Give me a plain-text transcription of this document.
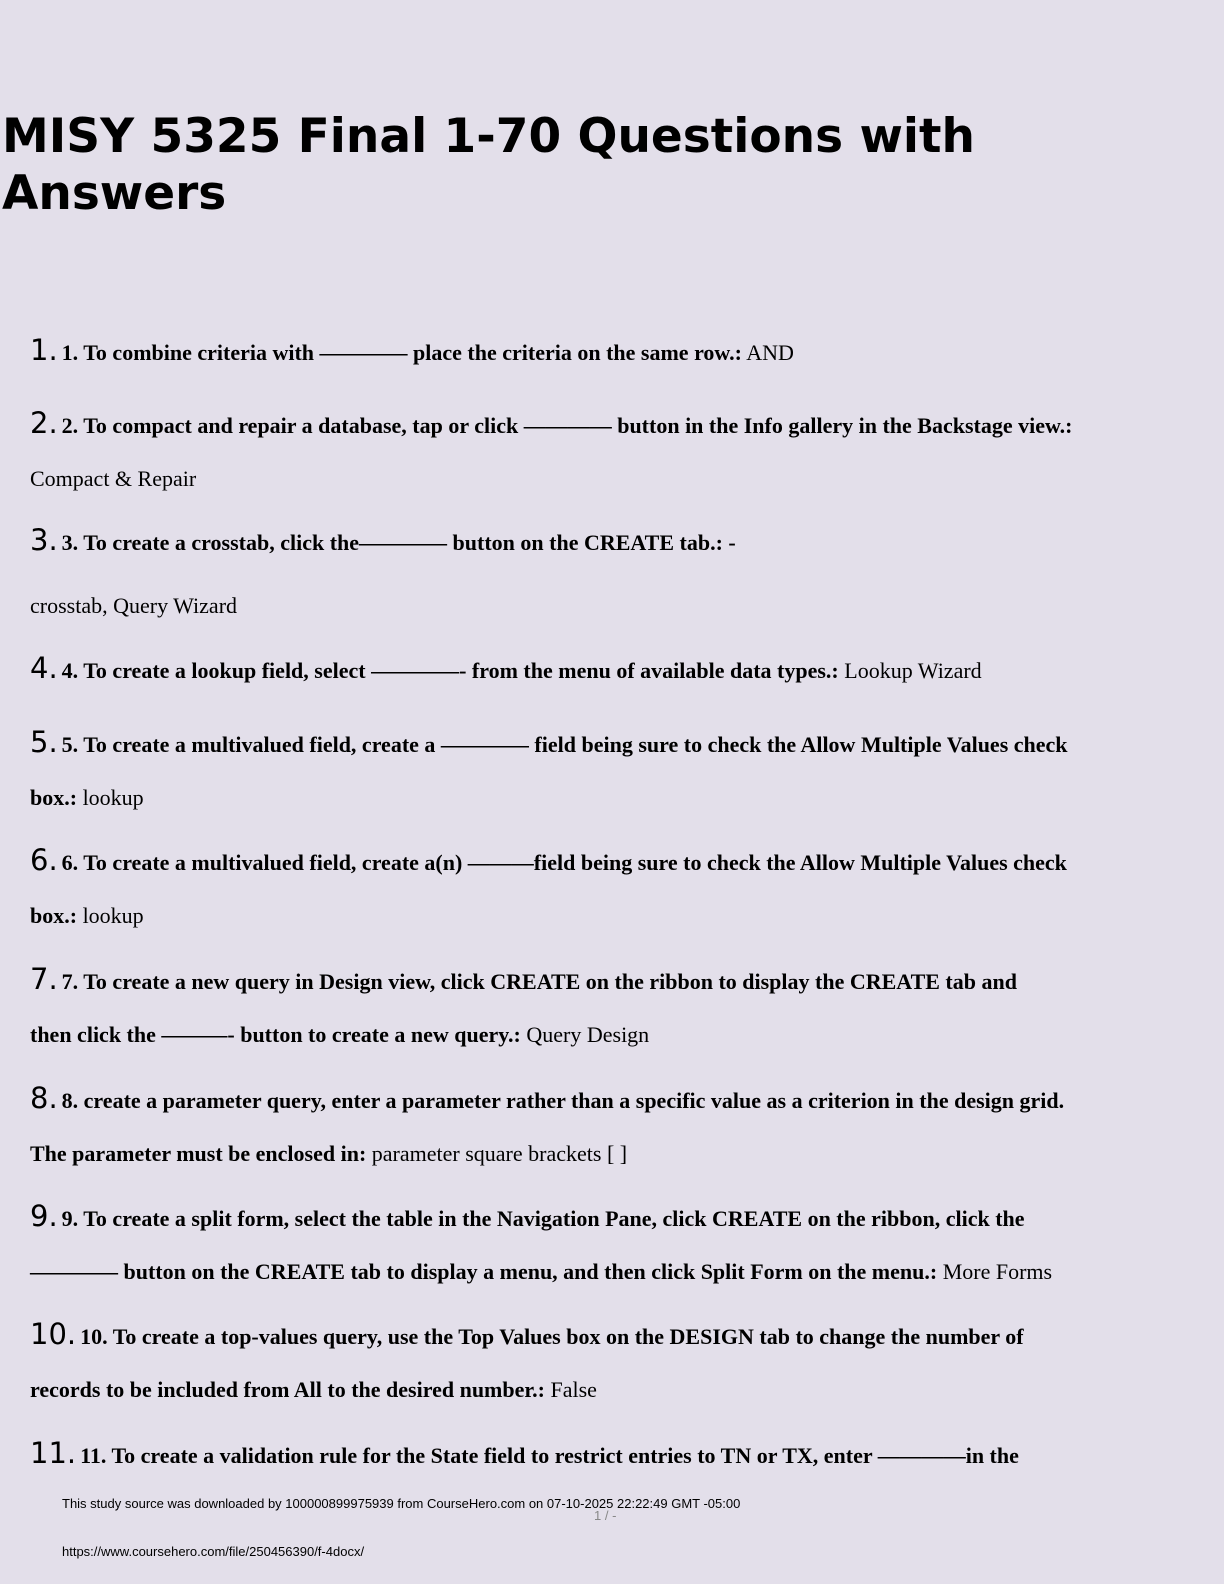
MISY 5325 Final 1-70 Questions with Answers
1. 1. To combine criteria with ———— place the criteria on the same row.: AND
2. 2. To compact and repair a database, tap or click ———— button in the Info gallery in the Backstage view.:
Compact & Repair
3. 3. To create a crosstab, click the———— button on the CREATE tab.: -
crosstab, Query Wizard
4. 4. To create a lookup field, select ————- from the menu of available data types.: Lookup Wizard
5. 5. To create a multivalued field, create a ———— field being sure to check the Allow Multiple Values check
box.: lookup
6. 6. To create a multivalued field, create a(n) ———field being sure to check the Allow Multiple Values check
box.: lookup
7. 7. To create a new query in Design view, click CREATE on the ribbon to display the CREATE tab and
then click the ———- button to create a new query.: Query Design
8. 8. create a parameter query, enter a parameter rather than a specific value as a criterion in the design grid.
The parameter must be enclosed in: parameter square brackets [ ]
9. 9. To create a split form, select the table in the Navigation Pane, click CREATE on the ribbon, click the
———— button on the CREATE tab to display a menu, and then click Split Form on the menu.: More Forms
10. 10. To create a top-values query, use the Top Values box on the DESIGN tab to change the number of
records to be included from All to the desired number.: False
11. 11. To create a validation rule for the State field to restrict entries to TN or TX, enter ————in the
This study source was downloaded by 100000899975939 from CourseHero.com on 07-10-2025 22:22:49 GMT -05:00
1 / -
https://www.coursehero.com/file/250456390/f-4docx/
